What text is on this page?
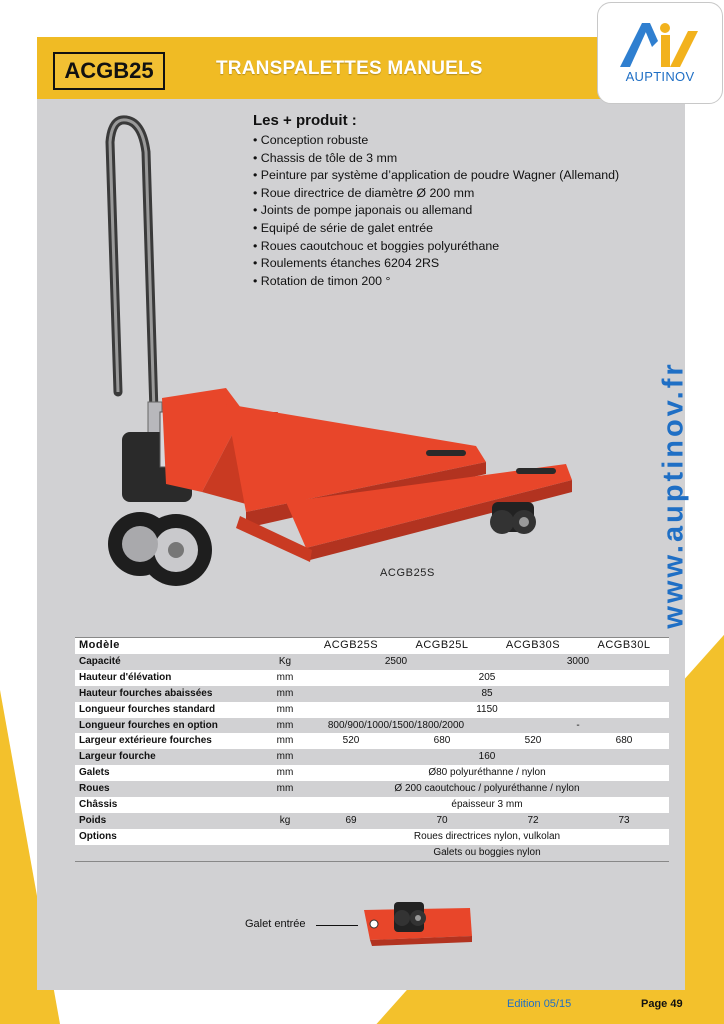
ACGB25	TRANSPALETTES MANUELS	AUPTINOV
www.auptinov.fr
Les + produit :
• Conception robuste
• Chassis de tôle de 3 mm
• Peinture par système d’application de poudre Wagner (Allemand)
• Roue directrice de diamètre Ø 200 mm
• Joints de pompe japonais ou allemand
• Equipé de série de galet entrée
• Roues caoutchouc et boggies polyuréthane
• Roulements étanches 6204 2RS
• Rotation de timon 200 °
ACGB25S
Modèle		ACGB25S	ACGB25L	ACGB30S	ACGB30L
Capacité	Kg	2500		3000	
Hauteur d'élévation	mm	205			
Hauteur fourches abaissées	mm	85			
Longueur fourches standard	mm	1150			
Longueur fourches en option	mm	800/900/1000/1500/1800/2000		-	
Largeur extérieure fourches	mm	520	680	520	680
Largeur fourche	mm	160			
Galets	mm	Ø80 polyuréthanne / nylon			
Roues	mm	Ø 200 caoutchouc / polyuréthanne / nylon			
Châssis		épaisseur 3 mm			
Poids	kg	69	70	72	73
Options		Roues directrices nylon, vulkolan			
		Galets ou boggies nylon			
Galet entrée
Edition 05/15	Page 49
